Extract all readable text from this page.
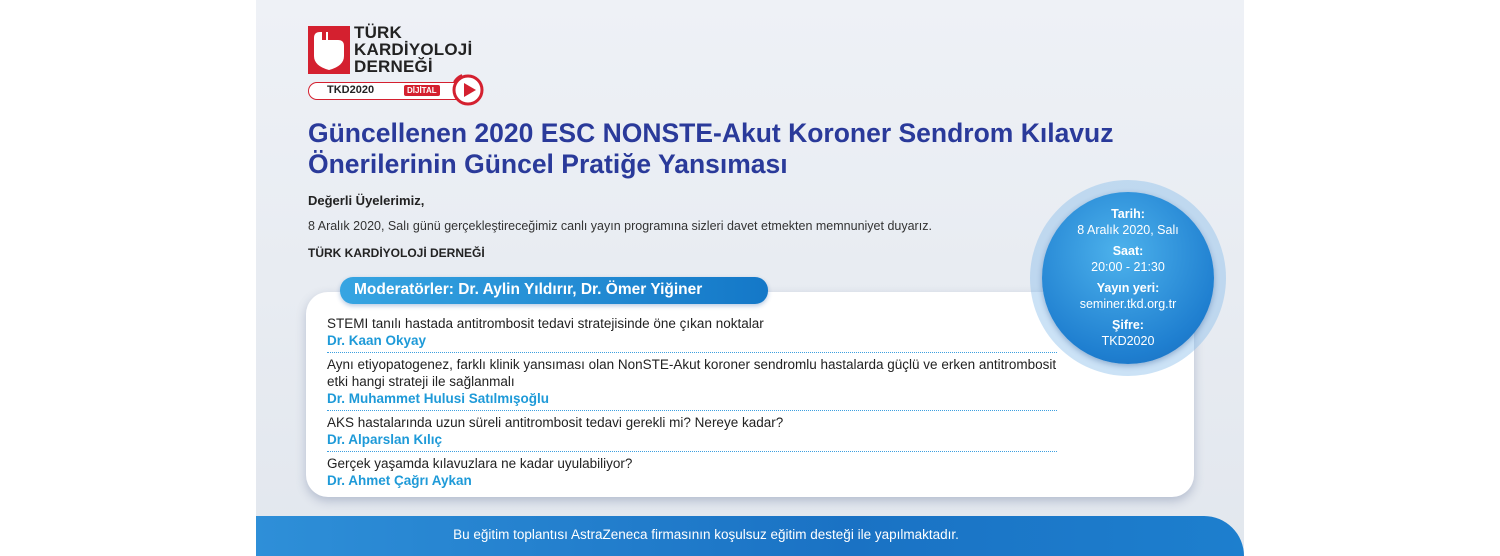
TÜRK
KARDİYOLOJİ
DERNEĞİ
TKD2020	DİJİTAL
Güncellenen 2020 ESC NONSTE-Akut Koroner Sendrom Kılavuz
Önerilerinin Güncel Pratiğe Yansıması

Değerli Üyelerimiz,

8 Aralık 2020, Salı günü gerçekleştireceğimiz canlı yayın programına sizleri davet etmekten memnuniyet duyarız.

TÜRK KARDİYOLOJİ DERNEĞİ

Moderatörler: Dr. Aylin Yıldırır, Dr. Ömer Yiğiner
STEMI tanılı hastada antitrombosit tedavi stratejisinde öne çıkan noktalar
Dr. Kaan Okyay
Aynı etiyopatogenez, farklı klinik yansıması olan NonSTE-Akut koroner sendromlu hastalarda güçlü ve erken antitrombosit etki hangi strateji ile sağlanmalı
Dr. Muhammet Hulusi Satılmışoğlu
AKS hastalarında uzun süreli antitrombosit tedavi gerekli mi? Nereye kadar?
Dr. Alparslan Kılıç
Gerçek yaşamda kılavuzlara ne kadar uyulabiliyor?
Dr. Ahmet Çağrı Aykan
Tarih:
8 Aralık 2020, Salı
Saat:
20:00 - 21:30
Yayın yeri:
seminer.tkd.org.tr
Şifre:
TKD2020
Bu eğitim toplantısı AstraZeneca firmasının koşulsuz eğitim desteği ile yapılmaktadır.
